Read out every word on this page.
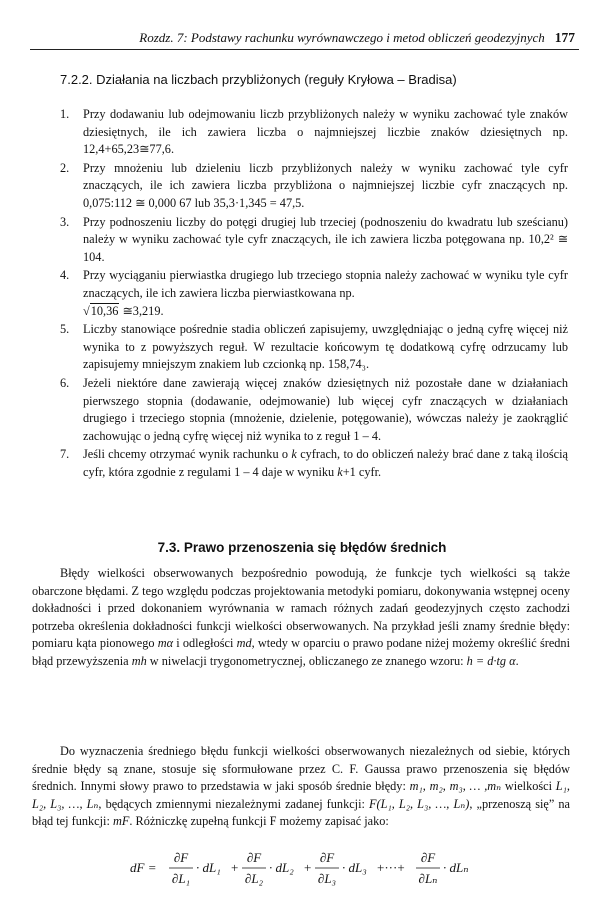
Rozdz. 7: Podstawy rachunku wyrównawczego i metod obliczeń geodezyjnych 177
7.2.2. Działania na liczbach przybliżonych (reguły Kryłowa – Bradisa)
1. Przy dodawaniu lub odejmowaniu liczb przybliżonych należy w wyniku zachować tyle znaków dziesiętnych, ile ich zawiera liczba o najmniejszej liczbie znaków dziesiętnych np. 12,4+65,23≅77,6.
2. Przy mnożeniu lub dzieleniu liczb przybliżonych należy w wyniku zachować tyle cyfr znaczących, ile ich zawiera liczba przybliżona o najmniejszej liczbie cyfr znaczących np. 0,075:112 ≅ 0,000 67 lub 35,3·1,345 = 47,5.
3. Przy podnoszeniu liczby do potęgi drugiej lub trzeciej (podnoszeniu do kwadratu lub sześcianu) należy w wyniku zachować tyle cyfr znaczących, ile ich zawiera liczba potęgowana np. 10,2² ≅ 104.
4. Przy wyciąganiu pierwiastka drugiego lub trzeciego stopnia należy zachować w wyniku tyle cyfr znaczących, ile ich zawiera liczba pierwiastkowana np.
√10,36 ≅3,219.
5. Liczby stanowiące pośrednie stadia obliczeń zapisujemy, uwzględniając o jedną cyfrę więcej niż wynika to z powyższych reguł. W rezultacie końcowym tę dodatkową cyfrę odrzucamy lub zapisujemy mniejszym znakiem lub czcionką np. 158,74₃.
6. Jeżeli niektóre dane zawierają więcej znaków dziesiętnych niż pozostałe dane w działaniach pierwszego stopnia (dodawanie, odejmowanie) lub więcej cyfr znaczących w działaniach drugiego i trzeciego stopnia (mnożenie, dzielenie, potęgowanie), wówczas należy je zaokrąglić zachowując o jedną cyfrę więcej niż wynika to z reguł 1 – 4.
7. Jeśli chcemy otrzymać wynik rachunku o k cyfrach, to do obliczeń należy brać dane z taką ilością cyfr, która zgodnie z regulami 1 – 4 daje w wyniku k+1 cyfr.
7.3. Prawo przenoszenia się błędów średnich
Błędy wielkości obserwowanych bezpośrednio powodują, że funkcje tych wielkości są także obarczone błędami. Z tego względu podczas projektowania metodyki pomiaru, dokonywania wstępnej oceny dokładności i przed dokonaniem wyrównania w ramach różnych zadań geodezyjnych często zachodzi potrzeba określenia dokładności funkcji wielkości obserwowanych. Na przykład jeśli znamy średnie błędy: pomiaru kąta pionowego mα i odległości md, wtedy w oparciu o prawo podane niżej możemy określić średni błąd przewyższenia mh w niwelacji trygonometrycznej, obliczanego ze znanego wzoru: h = d·tg α.
Do wyznaczenia średniego błędu funkcji wielkości obserwowanych niezależnych od siebie, których średnie błędy są znane, stosuje się sformułowane przez C. F. Gaussa prawo przenoszenia się błędów średnich. Innymi słowy prawo to przedstawia w jaki sposób średnie błędy: m₁, m₂, m₃, … ,mₙ wielkości L₁, L₂, L₃, …, Lₙ, będących zmiennymi niezależnymi zadanej funkcji: F(L₁, L₂, L₃, …, Lₙ), „przenoszą się” na błąd tej funkcji: mF. Różniczkę zupełną funkcji F możemy zapisać jako:
dF =
∂F
∂L₁
· dL₁ +
∂F
∂L₂
· dL₂ +
∂F
∂L₃
· dL₃ +···+
∂F
∂Lₙ
· dLₙ
